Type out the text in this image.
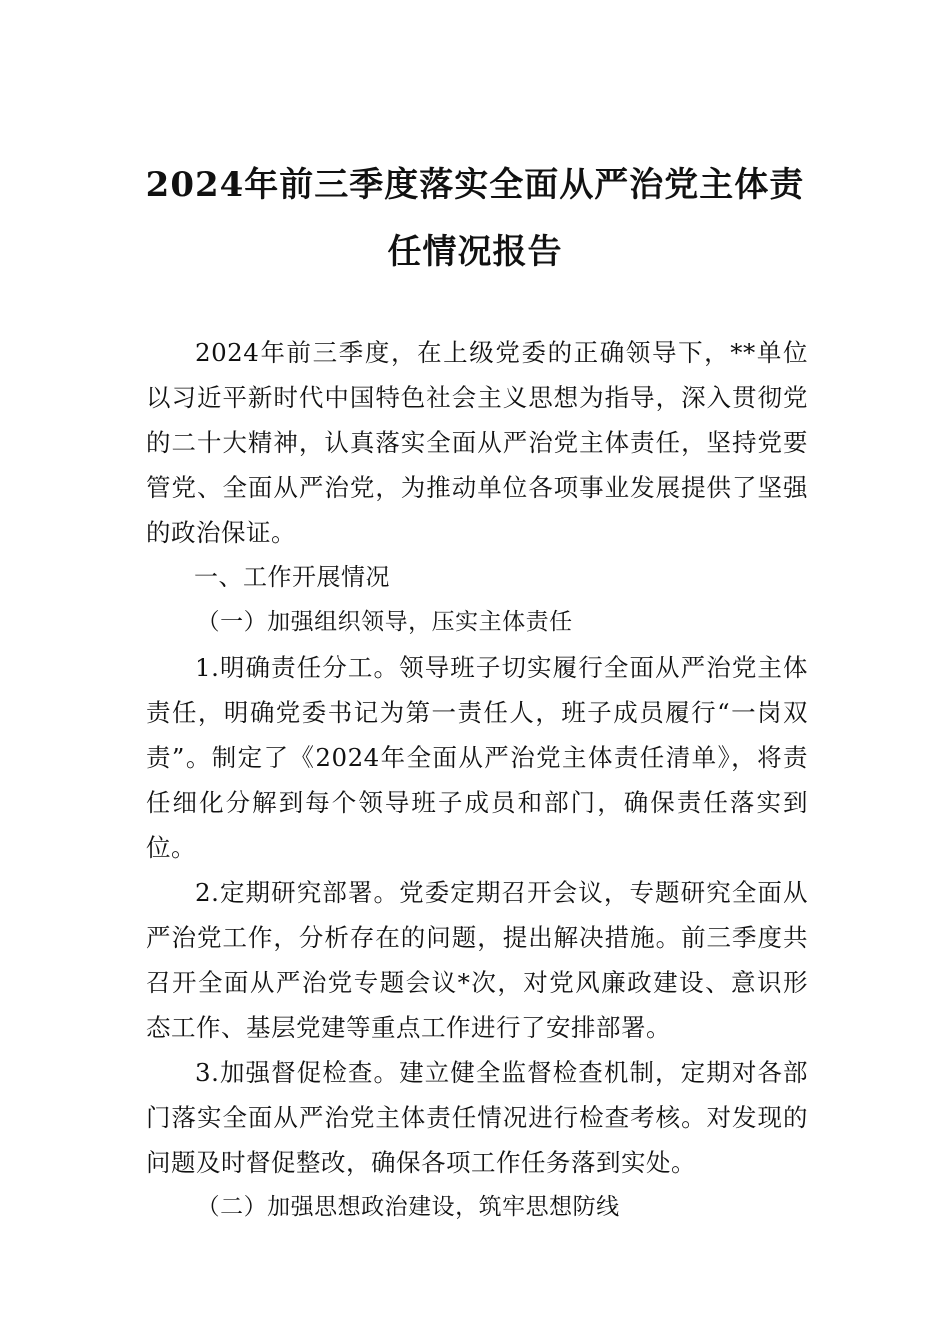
2024年前三季度落实全面从严治党主体责
任情况报告

2024年前三季度，在上级党委的正确领导下，**单位以习近平新时代中国特色社会主义思想为指导，深入贯彻党的二十大精神，认真落实全面从严治党主体责任，坚持党要管党、全面从严治党，为推动单位各项事业发展提供了坚强的政治保证。

一、工作开展情况

（一）加强组织领导，压实主体责任

1.明确责任分工。领导班子切实履行全面从严治党主体责任，明确党委书记为第一责任人，班子成员履行“一岗双责”。制定了《2024年全面从严治党主体责任清单》，将责任细化分解到每个领导班子成员和部门，确保责任落实到位。

2.定期研究部署。党委定期召开会议，专题研究全面从严治党工作，分析存在的问题，提出解决措施。前三季度共召开全面从严治党专题会议*次，对党风廉政建设、意识形态工作、基层党建等重点工作进行了安排部署。

3.加强督促检查。建立健全监督检查机制，定期对各部门落实全面从严治党主体责任情况进行检查考核。对发现的问题及时督促整改，确保各项工作任务落到实处。

（二）加强思想政治建设，筑牢思想防线
